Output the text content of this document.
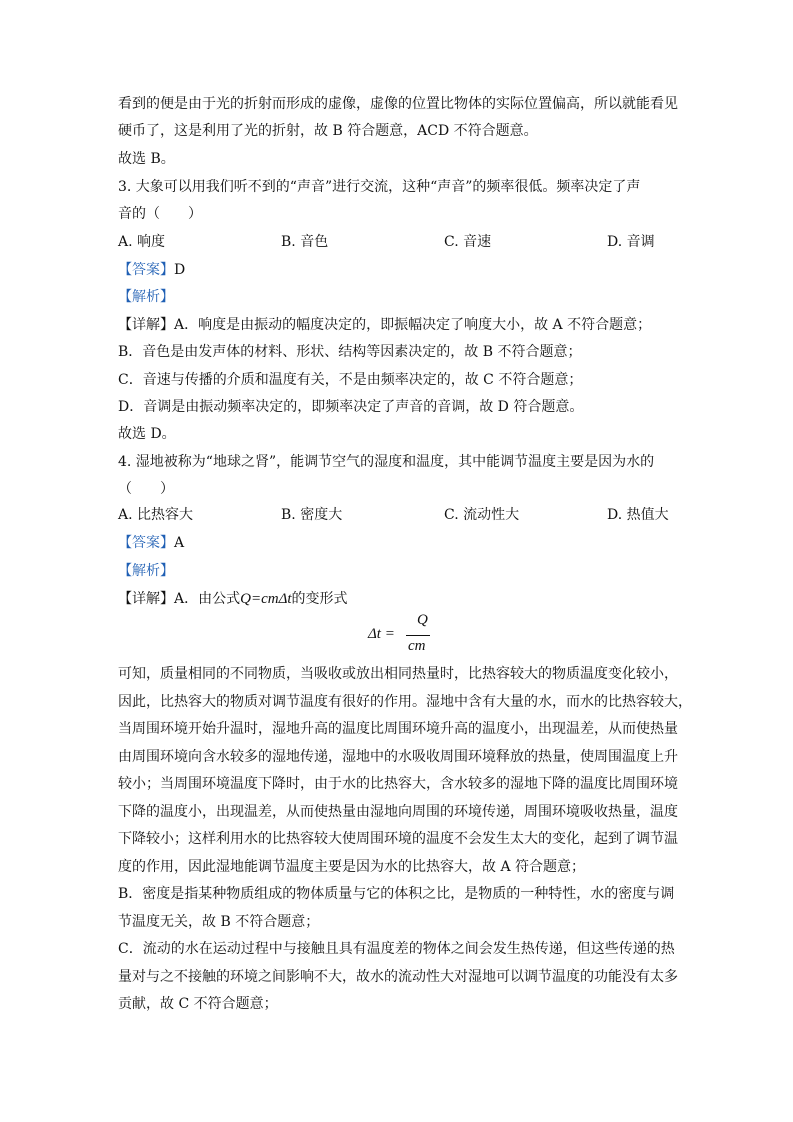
看到的便是由于光的折射而形成的虚像，虚像的位置比物体的实际位置偏高，所以就能看见
硬币了，这是利用了光的折射，故 B 符合题意，ACD 不符合题意。
故选 B。
3. 大象可以用我们听不到的“声音”进行交流，这种“声音”的频率很低。频率决定了声
音的（　　）
A. 响度	B. 音色	C. 音速	D. 音调
【答案】D
【解析】
【详解】A．响度是由振动的幅度决定的，即振幅决定了响度大小，故 A 不符合题意；
B．音色是由发声体的材料、形状、结构等因素决定的，故 B 不符合题意；
C．音速与传播的介质和温度有关，不是由频率决定的，故 C 不符合题意；
D．音调是由振动频率决定的，即频率决定了声音的音调，故 D 符合题意。
故选 D。
4. 湿地被称为“地球之肾”，能调节空气的湿度和温度，其中能调节温度主要是因为水的
（　　）
A. 比热容大	B. 密度大	C. 流动性大	D. 热值大
【答案】A
【解析】
【详解】A．由公式Q=cmΔt的变形式
Δt =
Q
cm
可知，质量相同的不同物质，当吸收或放出相同热量时，比热容较大的物质温度变化较小，
因此，比热容大的物质对调节温度有很好的作用。湿地中含有大量的水，而水的比热容较大，
当周围环境开始升温时，湿地升高的温度比周围环境升高的温度小，出现温差，从而使热量
由周围环境向含水较多的湿地传递，湿地中的水吸收周围环境释放的热量，使周围温度上升
较小；当周围环境温度下降时，由于水的比热容大，含水较多的湿地下降的温度比周围环境
下降的温度小，出现温差，从而使热量由湿地向周围的环境传递，周围环境吸收热量，温度
下降较小；这样利用水的比热容较大使周围环境的温度不会发生太大的变化，起到了调节温
度的作用，因此湿地能调节温度主要是因为水的比热容大，故 A 符合题意；
B．密度是指某种物质组成的物体质量与它的体积之比，是物质的一种特性，水的密度与调
节温度无关，故 B 不符合题意；
C．流动的水在运动过程中与接触且具有温度差的物体之间会发生热传递，但这些传递的热
量对与之不接触的环境之间影响不大，故水的流动性大对湿地可以调节温度的功能没有太多
贡献，故 C 不符合题意；
